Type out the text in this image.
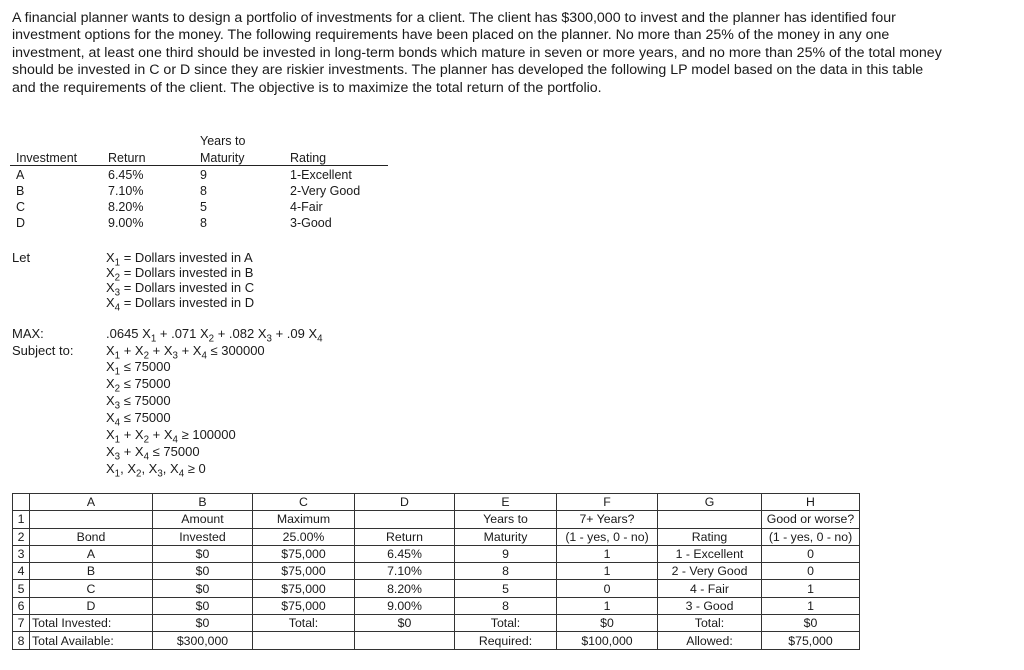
A financial planner wants to design a portfolio of investments for a client. The client has $300,000 to invest and the planner has identified four investment options for the money. The following requirements have been placed on the planner. No more than 25% of the money in any one investment, at least one third should be invested in long-term bonds which mature in seven or more years, and no more than 25% of the total money should be invested in C or D since they are riskier investments. The planner has developed the following LP model based on the data in this table and the requirements of the client. The objective is to maximize the total return of the portfolio.

Years to
Investment	Return	Maturity	Rating
A	6.45%	9	1-Excellent
B	7.10%	8	2-Very Good
C	8.20%	5	4-Fair
D	9.00%	8	3-Good
Let	$X_1$ = Dollars invested in A
$X_2$ = Dollars invested in B
$X_3$ = Dollars invested in C
$X_4$ = Dollars invested in D
MAX:	.0645 $X_1 + .071$ $X_2 + .082$ $X_3 + .09$ $X_4$
Subject to:	$X_1 + X_2 + X_3 + X_4 \le 300000$
$X_1 \le 75000$
$X_2 \le 75000$
$X_3 \le 75000$
$X_4 \le 75000$
$X_1 + X_2 + X_4 \ge 100000$
$X_3 + X_4 \le 75000$
$X_1$, $X_2$, $X_3$, $X_4 \ge 0$
	A	B	C	D	E	F	G	H
1		Amount	Maximum		Years to	7+ Years?		Good or worse?
2	Bond	Invested	25.00%	Return	Maturity	(1 - yes, 0 - no)	Rating	(1 - yes, 0 - no)
3	A	$0	$75,000	6.45%	9	1	1 - Excellent	0
4	B	$0	$75,000	7.10%	8	1	2 - Very Good	0
5	C	$0	$75,000	8.20%	5	0	4 - Fair	1
6	D	$0	$75,000	9.00%	8	1	3 - Good	1
7	Total Invested:	$0	Total:	$0	Total:	$0	Total:	$0
8	Total Available:	$300,000			Required:	$100,000	Allowed:	$75,000
